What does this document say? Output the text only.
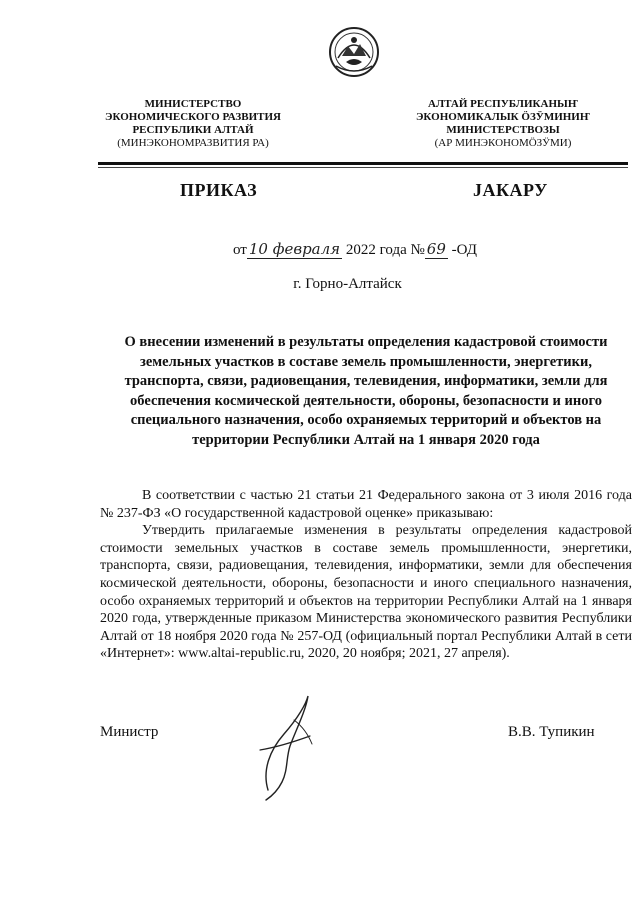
МИНИСТЕРСТВО
ЭКОНОМИЧЕСКОГО РАЗВИТИЯ
РЕСПУБЛИКИ АЛТАЙ
(МИНЭКОНОМРАЗВИТИЯ РА)
АЛТАЙ РЕСПУБЛИКАНЫҤ
ЭКОНОМИКАЛЫК ӦЗӰМИНИҤ
МИНИСТЕРСТВОЗЫ
(АР МИНЭКОНОМӦЗӰМИ)
ПРИКАЗ	JАКАРУ
от 10 февраля 2022 года № 69 -ОД
г. Горно-Алтайск
О внесении изменений в результаты определения кадастровой стоимости земельных участков в составе земель промышленности, энергетики, транспорта, связи, радиовещания, телевидения, информатики, земли для обеспечения космической деятельности, обороны, безопасности и иного специального назначения, особо охраняемых территорий и объектов на территории Республики Алтай на 1 января 2020 года

В соответствии с частью 21 статьи 21 Федерального закона от 3 июля 2016 года № 237-ФЗ «О государственной кадастровой оценке» приказываю:

Утвердить прилагаемые изменения в результаты определения кадастровой стоимости земельных участков в составе земель промышленности, энергетики, транспорта, связи, радиовещания, телевидения, информатики, земли для обеспечения космической деятельности, обороны, безопасности и иного специального назначения, особо охраняемых территорий и объектов на территории Республики Алтай на 1 января 2020 года, утвержденные приказом Министерства экономического развития Республики Алтай от 18 ноября 2020 года № 257-ОД (официальный портал Республики Алтай в сети «Интернет»: www.altai-republic.ru, 2020, 20 ноября; 2021, 27 апреля).

Министр	В.В. Тупикин
